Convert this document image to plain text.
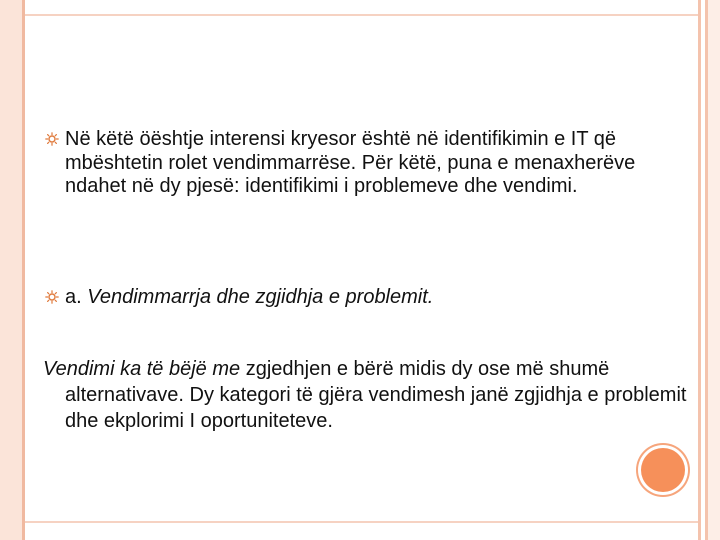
Në këtë öështje interensi kryesor është në identifikimin e IT që mbështetin rolet vendimmarrëse. Për këtë, puna e menaxherëve ndahet në dy pjesë: identifikimi i problemeve dhe vendimi.
a. Vendimmarrja dhe zgjidhja e problemit.
Vendimi ka të bëjë me zgjedhjen e bërë midis dy ose më shumë alternativave. Dy kategori të gjëra vendimesh janë zgjidhja e problemit dhe ekplorimi I oportuniteteve.
